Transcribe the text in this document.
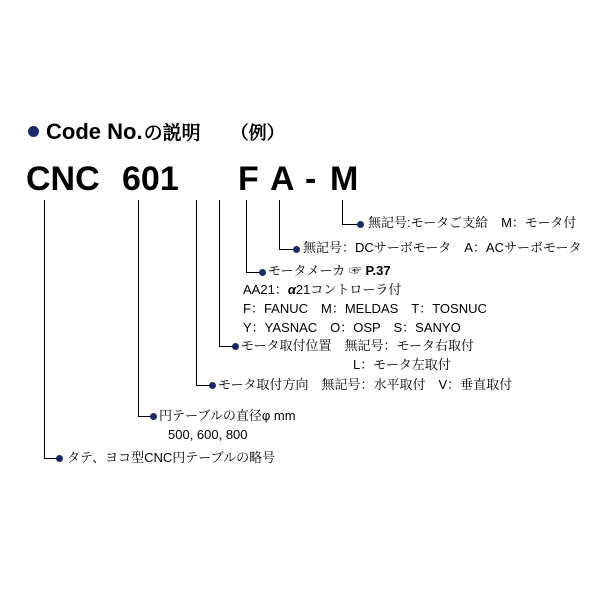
Code No. の説明 （例）
CNC 601 F A - M
無記号:モータご支給　M：モータ付
無記号：DCサーボモータ　A：ACサーボモータ
モータメーカ ☞ P.37
AA21：α21コントローラ付
F：FANUC　M：MELDAS　T：TOSNUC
Y：YASNAC　O：OSP　S：SANYO
モータ取付位置　無記号：モータ右取付
L：モータ左取付
モータ取付方向　無記号：水平取付　V：垂直取付
円テーブルの直径φ mm
500, 600, 800
タテ、ヨコ型CNC円テーブルの略号
